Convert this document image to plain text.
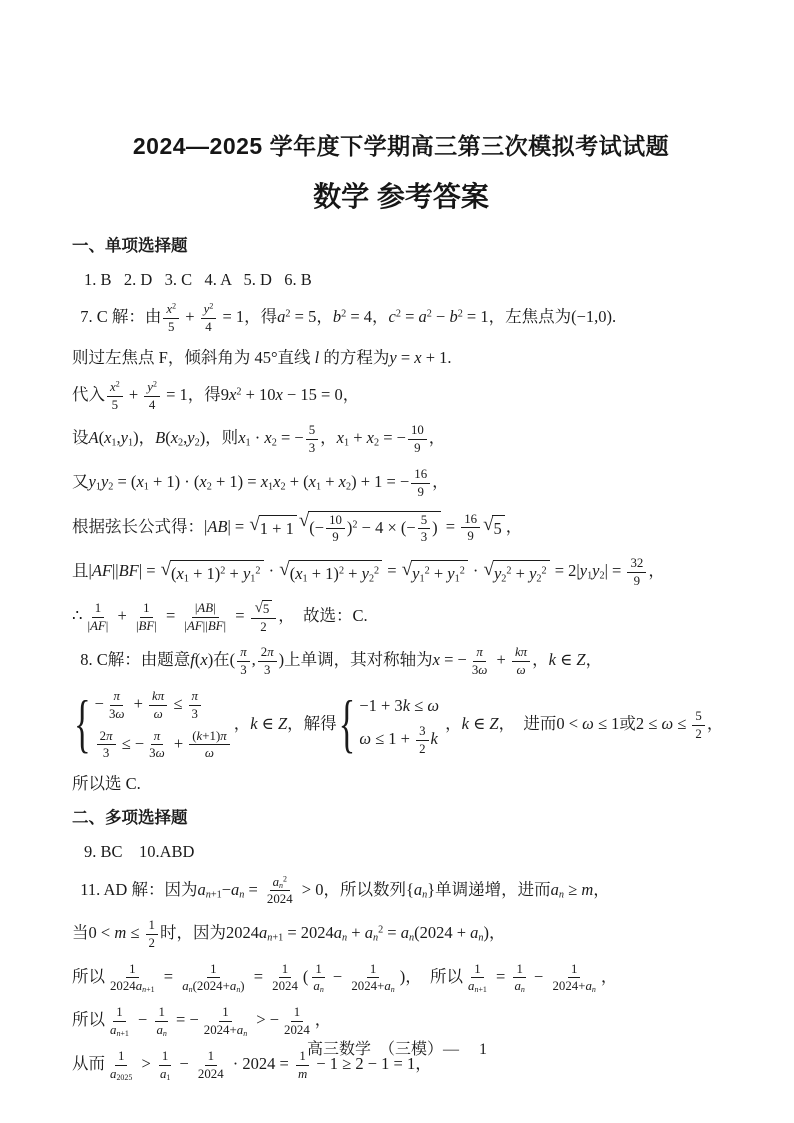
2024—2025 学年度下学期高三第三次模拟考试试题
数学 参考答案

一、单项选择题

1. B   2. D   3. C   4. A   5. D   6. B

7. C 解：由 $\frac{x^2}{5} + \frac{y^2}{4} = 1$，得$a^2 = 5$，$b^2 = 4$，$c^2 = a^2 - b^2 = 1$，左焦点为(−1,0).

则过左焦点 F，倾斜角为 45°直线 l 的方程为y = x + 1.

代入 $\frac{x^2}{5} + \frac{y^2}{4} = 1$，得$9x^2 + 10x - 15 = 0$，

设$A(x_1,y_1)$，$B(x_2,y_2)$，则$x_1 \cdot x_2$ = − $\frac{5}{3}$ ，$x_1 + x_2$ = − $\frac{10}{9}$ ，

又$y_1y_2 = (x_1 + 1) \cdot (x_2 + 1) = x_1x_2 + (x_1 + x_2) + 1$ = − $\frac{16}{9}$ ，

根据弦长公式得：|AB| = √ 1 + 1 √ (− $\frac{10}{9} )^2 - 4$ × (− $\frac{5}{3}$ ) = $\frac{16}{9}$ √ 5 ，

且|AF||BF| = √ $(x_1 + 1)^2 + y_1^2$ · √ $(x_1 + 1)^2 + y_2^2$ = √ $y_1^2 + y_1^2$ · √ $y_2^2 + y_2^2 = 2|y_1y_2| = \frac{32}{9}$ ，

∴ $\frac{1}{|AF|} + \frac{1}{|BF|} = \frac{|AB|}{|AF||BF|} = \frac{√ 5}{2}$ ，  故选：C.

8. C解：由题意f(x)在( $\frac{\pi}{3}$ , $\frac{2\pi}{3}$ )上单调，其对称轴为x = − $\frac{\pi}{3\omega} + \frac{k\pi}{\omega}$ ，k ∈ Z，

{ − $\frac{\pi}{3\omega} + \frac{k\pi}{\omega} \le \frac{\pi}{3}$
$\frac{2\pi}{3}$ ≤ − $\frac{\pi}{3\omega} + \frac{(k+1)\pi}{\omega}$
，k ∈ Z，解得 { −1 + 3k ≤ ω
$\omega \le 1 + \frac{3}{2}$ k
，k ∈ Z，  进而0 < ω ≤ 1或$2 \le \omega \le \frac{5}{2}$ ，

所以选 C.

二、多项选择题

9. BC    10.ABD

11. AD 解：因为$a_{n+1}-a_n = \frac{a_n^2}{2024} > 0$，所以数列$\{a_n\}$单调递增，进而$a_n \ge m$，

当$0 < m \le \frac{1}{2}$ 时，因为$2024a_{n+1} = 2024a_n + a_n^2 = a_n(2024 + a_n)$，

所以 $\frac{1}{2024a_{n+1}} = \frac{1}{a_n(2024+a_n)} = \frac{1}{2024}$ ( $\frac{1}{a_n} - \frac{1}{2024+a_n}$ )，  所以 $\frac{1}{a_{n+1}} = \frac{1}{a_n} - \frac{1}{2024+a_n}$ ，

所以 $\frac{1}{a_{n+1}} - \frac{1}{a_n}$ = − $\frac{1}{2024+a_n}$ > − $\frac{1}{2024}$ ，

从而 $\frac{1}{a_{2025}} > \frac{1}{a_1} - \frac{1}{2024} \cdot 2024 = \frac{1}{m} - 1 \ge 2 - 1 = 1$，

高三数学　（三模）—　 1
